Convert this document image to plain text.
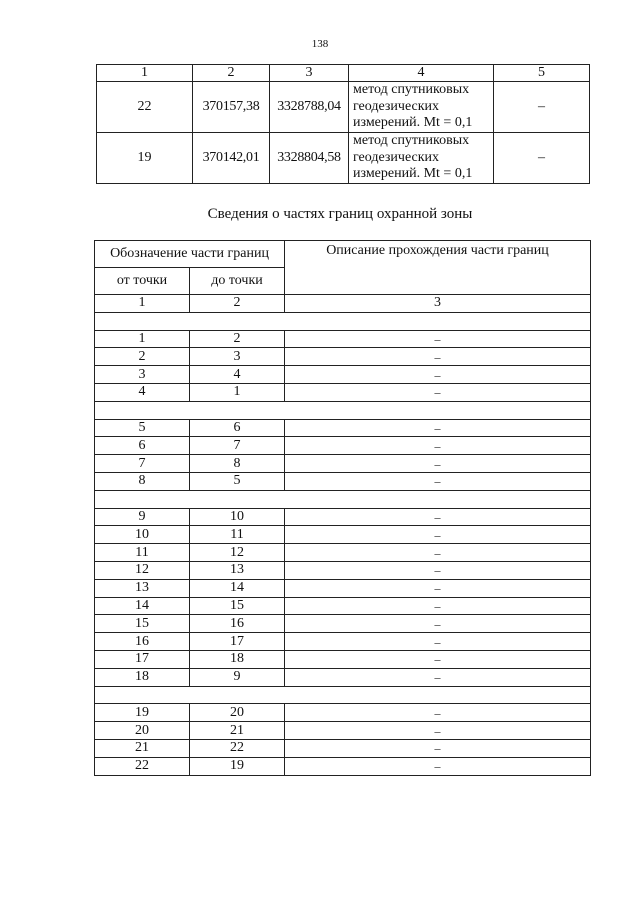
138
1	2	3	4	5
22	370157,38	3328788,04	метод спутниковых
геодезических
измерений. Mt = 0,1	–
19	370142,01	3328804,58	метод спутниковых
геодезических
измерений. Mt = 0,1	–
Сведения о частях границ охранной зоны
Обозначение части границ		Описание прохождения части границ
от точки	до точки	
1	2	3

1	2	–
2	3	–
3	4	–
4	1	–

5	6	–
6	7	–
7	8	–
8	5	–

9	10	–
10	11	–
11	12	–
12	13	–
13	14	–
14	15	–
15	16	–
16	17	–
17	18	–
18	9	–

19	20	–
20	21	–
21	22	–
22	19	–
